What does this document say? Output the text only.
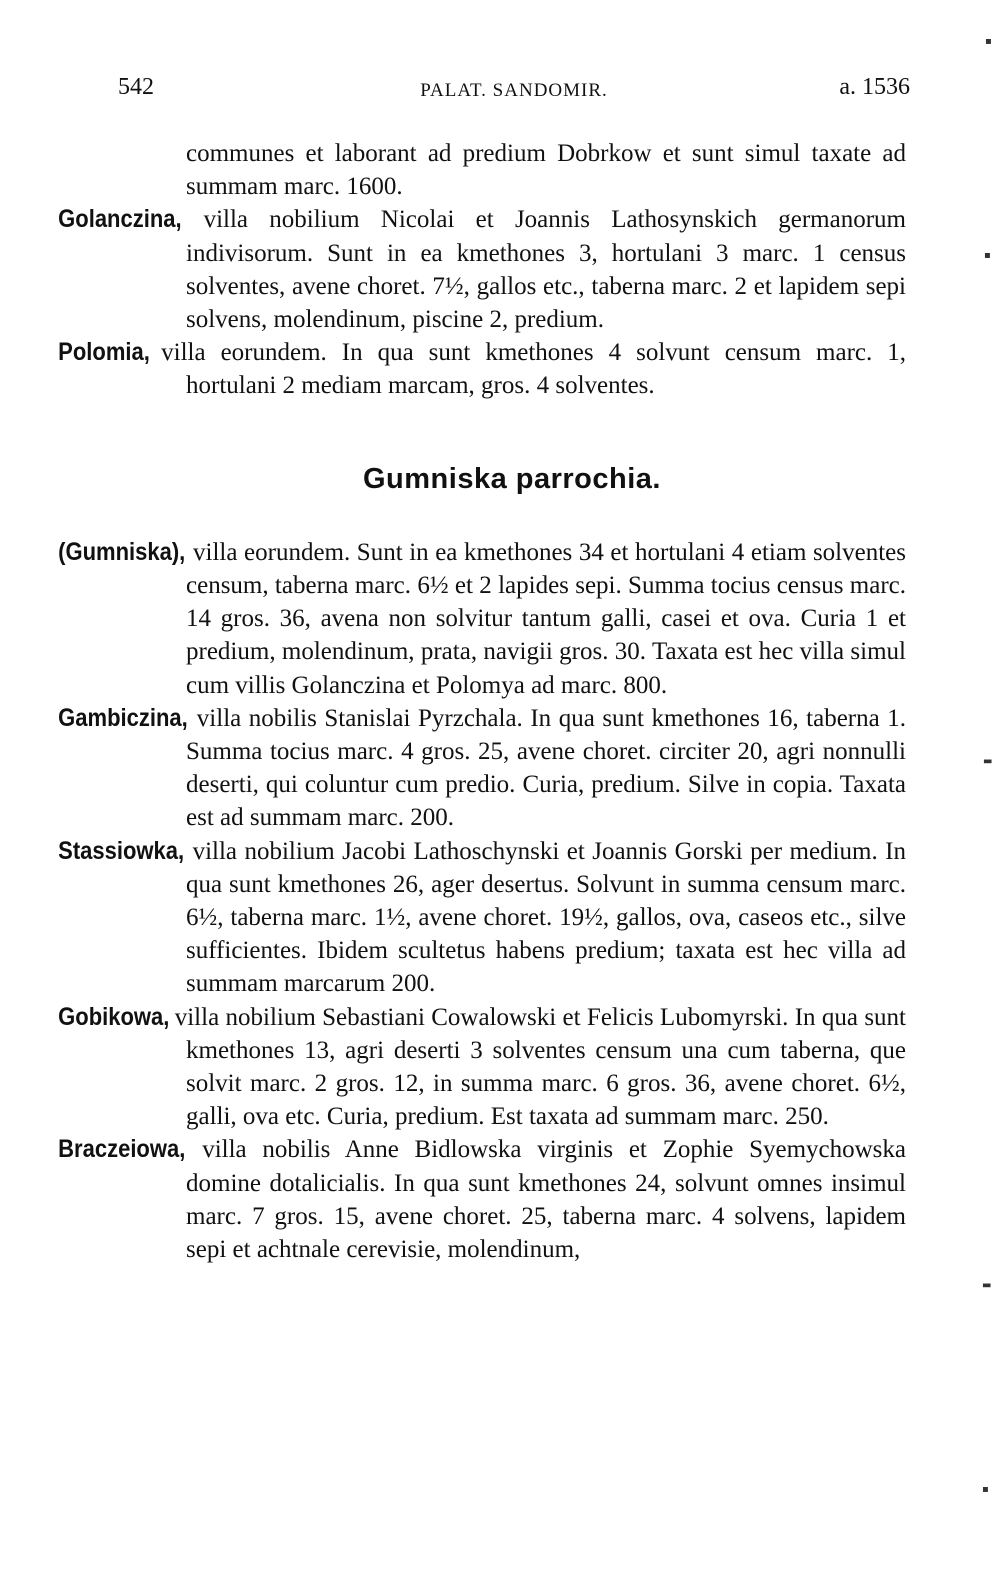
542	PALAT. SANDOMIR.	a. 1536

communes et laborant ad predium Dobrkow et sunt simul taxate ad summam marc. 1600.

Golanczina, villa nobilium Nicolai et Joannis Lathosynskich germanorum indivisorum. Sunt in ea kmethones 3, hortulani 3 marc. 1 census solventes, avene choret. 7½, gallos etc., taberna marc. 2 et lapidem sepi solvens, molendinum, piscine 2, predium.

Polomia, villa eorundem. In qua sunt kmethones 4 solvunt censum marc. 1, hortulani 2 mediam marcam, gros. 4 solventes.

Gumniska parrochia.

(Gumniska), villa eorundem. Sunt in ea kmethones 34 et hortulani 4 etiam solventes censum, taberna marc. 6½ et 2 lapides sepi. Summa tocius census marc. 14 gros. 36, avena non solvitur tantum galli, casei et ova. Curia 1 et predium, molendinum, prata, navigii gros. 30. Taxata est hec villa simul cum villis Golanczina et Polomya ad marc. 800.

Gambiczina, villa nobilis Stanislai Pyrzchala. In qua sunt kmethones 16, taberna 1. Summa tocius marc. 4 gros. 25, avene choret. circiter 20, agri nonnulli deserti, qui coluntur cum predio. Curia, predium. Silve in copia. Taxata est ad summam marc. 200.

Stassiowka, villa nobilium Jacobi Lathoschynski et Joannis Gorski per medium. In qua sunt kmethones 26, ager desertus. Solvunt in summa censum marc. 6½, taberna marc. 1½, avene choret. 19½, gallos, ova, caseos etc., silve sufficientes. Ibidem scultetus habens predium; taxata est hec villa ad summam marcarum 200.

Gobikowa, villa nobilium Sebastiani Cowalowski et Felicis Lubomyrski. In qua sunt kmethones 13, agri deserti 3 solventes censum una cum taberna, que solvit marc. 2 gros. 12, in summa marc. 6 gros. 36, avene choret. 6½, galli, ova etc. Curia, predium. Est taxata ad summam marc. 250.

Braczeiowa, villa nobilis Anne Bidlowska virginis et Zophie Syemychowska domine dotalicialis. In qua sunt kmethones 24, solvunt omnes insimul marc. 7 gros. 15, avene choret. 25, taberna marc. 4 solvens, lapidem sepi et achtnale cerevisie, molendinum,

▪
▪
▬
▬
▪
